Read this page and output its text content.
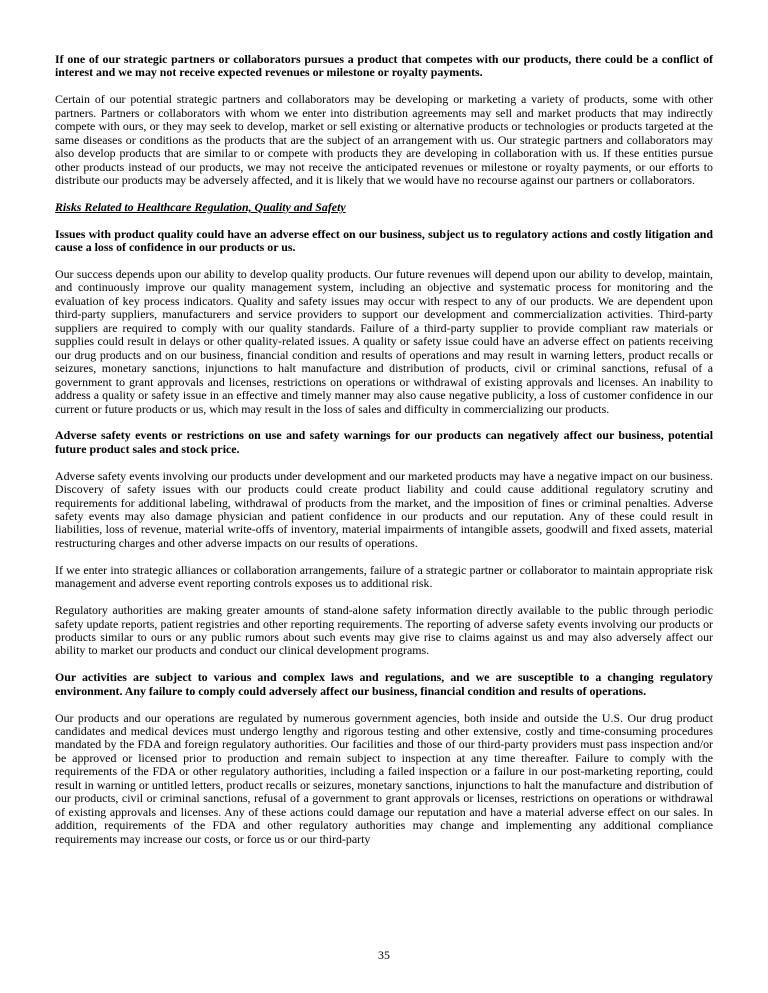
If one of our strategic partners or collaborators pursues a product that competes with our products, there could be a conflict of interest and we may not receive expected revenues or milestone or royalty payments.

Certain of our potential strategic partners and collaborators may be developing or marketing a variety of products, some with other partners. Partners or collaborators with whom we enter into distribution agreements may sell and market products that may indirectly compete with ours, or they may seek to develop, market or sell existing or alternative products or technologies or products targeted at the same diseases or conditions as the products that are the subject of an arrangement with us. Our strategic partners and collaborators may also develop products that are similar to or compete with products they are developing in collaboration with us. If these entities pursue other products instead of our products, we may not receive the anticipated revenues or milestone or royalty payments, or our efforts to distribute our products may be adversely affected, and it is likely that we would have no recourse against our partners or collaborators.

Risks Related to Healthcare Regulation, Quality and Safety

Issues with product quality could have an adverse effect on our business, subject us to regulatory actions and costly litigation and cause a loss of confidence in our products or us.

Our success depends upon our ability to develop quality products. Our future revenues will depend upon our ability to develop, maintain, and continuously improve our quality management system, including an objective and systematic process for monitoring and the evaluation of key process indicators. Quality and safety issues may occur with respect to any of our products. We are dependent upon third-party suppliers, manufacturers and service providers to support our development and commercialization activities. Third-party suppliers are required to comply with our quality standards. Failure of a third-party supplier to provide compliant raw materials or supplies could result in delays or other quality-related issues. A quality or safety issue could have an adverse effect on patients receiving our drug products and on our business, financial condition and results of operations and may result in warning letters, product recalls or seizures, monetary sanctions, injunctions to halt manufacture and distribution of products, civil or criminal sanctions, refusal of a government to grant approvals and licenses, restrictions on operations or withdrawal of existing approvals and licenses. An inability to address a quality or safety issue in an effective and timely manner may also cause negative publicity, a loss of customer confidence in our current or future products or us, which may result in the loss of sales and difficulty in commercializing our products.

Adverse safety events or restrictions on use and safety warnings for our products can negatively affect our business, potential future product sales and stock price.

Adverse safety events involving our products under development and our marketed products may have a negative impact on our business. Discovery of safety issues with our products could create product liability and could cause additional regulatory scrutiny and requirements for additional labeling, withdrawal of products from the market, and the imposition of fines or criminal penalties. Adverse safety events may also damage physician and patient confidence in our products and our reputation. Any of these could result in liabilities, loss of revenue, material write-offs of inventory, material impairments of intangible assets, goodwill and fixed assets, material restructuring charges and other adverse impacts on our results of operations.

If we enter into strategic alliances or collaboration arrangements, failure of a strategic partner or collaborator to maintain appropriate risk management and adverse event reporting controls exposes us to additional risk.

Regulatory authorities are making greater amounts of stand-alone safety information directly available to the public through periodic safety update reports, patient registries and other reporting requirements. The reporting of adverse safety events involving our products or products similar to ours or any public rumors about such events may give rise to claims against us and may also adversely affect our ability to market our products and conduct our clinical development programs.

Our activities are subject to various and complex laws and regulations, and we are susceptible to a changing regulatory environment. Any failure to comply could adversely affect our business, financial condition and results of operations.

Our products and our operations are regulated by numerous government agencies, both inside and outside the U.S. Our drug product candidates and medical devices must undergo lengthy and rigorous testing and other extensive, costly and time-consuming procedures mandated by the FDA and foreign regulatory authorities. Our facilities and those of our third-party providers must pass inspection and/or be approved or licensed prior to production and remain subject to inspection at any time thereafter. Failure to comply with the requirements of the FDA or other regulatory authorities, including a failed inspection or a failure in our post-marketing reporting, could result in warning or untitled letters, product recalls or seizures, monetary sanctions, injunctions to halt the manufacture and distribution of our products, civil or criminal sanctions, refusal of a government to grant approvals or licenses, restrictions on operations or withdrawal of existing approvals and licenses. Any of these actions could damage our reputation and have a material adverse effect on our sales. In addition, requirements of the FDA and other regulatory authorities may change and implementing any additional compliance requirements may increase our costs, or force us or our third-party

35
